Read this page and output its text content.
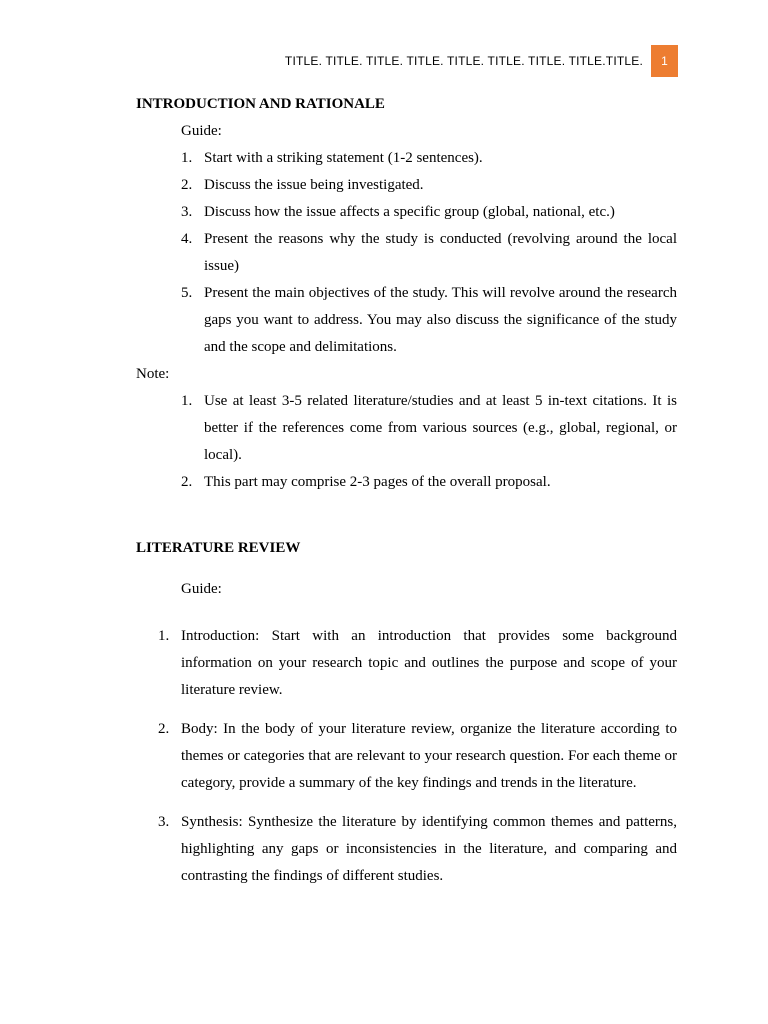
TITLE. TITLE. TITLE. TITLE. TITLE. TITLE. TITLE. TITLE.TITLE.	1
INTRODUCTION AND RATIONALE
Guide:
1. Start with a striking statement (1-2 sentences).
2. Discuss the issue being investigated.
3. Discuss how the issue affects a specific group (global, national, etc.)
4. Present the reasons why the study is conducted (revolving around the local issue)
5. Present the main objectives of the study. This will revolve around the research gaps you want to address. You may also discuss the significance of the study and the scope and delimitations.
Note:
1. Use at least 3-5 related literature/studies and at least 5 in-text citations. It is better if the references come from various sources (e.g., global, regional, or local).
2. This part may comprise 2-3 pages of the overall proposal.
LITERATURE REVIEW
Guide:
1. Introduction: Start with an introduction that provides some background information on your research topic and outlines the purpose and scope of your literature review.
2. Body: In the body of your literature review, organize the literature according to themes or categories that are relevant to your research question. For each theme or category, provide a summary of the key findings and trends in the literature.
3. Synthesis: Synthesize the literature by identifying common themes and patterns, highlighting any gaps or inconsistencies in the literature, and comparing and contrasting the findings of different studies.
